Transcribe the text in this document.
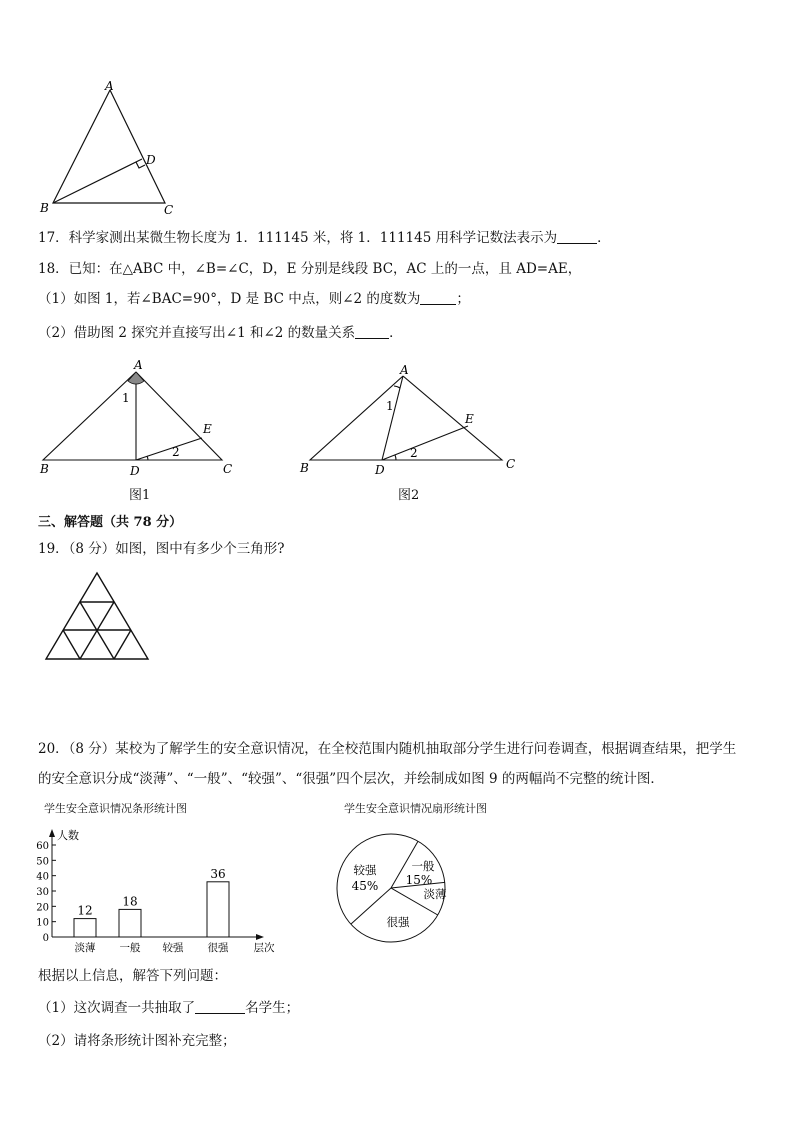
A
B	C
D
17．科学家测出某微生物长度为 1．111145 米，将 1．111145 用科学记数法表示为	．
18．已知：在△ABC 中，∠B=∠C，D，E 分别是线段 BC，AC 上的一点，且 AD=AE，
（1）如图 1，若∠BAC=90°，D 是 BC 中点，则∠2 的度数为	；
（2）借助图 2 探究并直接写出∠1 和∠2 的数量关系	．
A
B	C
D
E
1
2
图1
A
B	C
D
E
1
2
图2
三、解答题（共 78 分）
19．（8 分）如图，图中有多少个三角形?
20．（8 分）某校为了解学生的安全意识情况，在全校范围内随机抽取部分学生进行问卷调查，根据调查结果，把学生
的安全意识分成“淡薄”、“一般”、“较强”、“很强”四个层次，并绘制成如图 9 的两幅尚不完整的统计图．
学生安全意识情况条形统计图
人数
0
10
20
30
40
50
60
12
淡薄
18
一般 较强
36
很强 层次
学生安全意识情况扇形统计图
较强
45%
一般
15%
淡薄
很强
根据以上信息，解答下列问题：
（1）这次调查一共抽取了	名学生；
（2）请将条形统计图补充完整；
